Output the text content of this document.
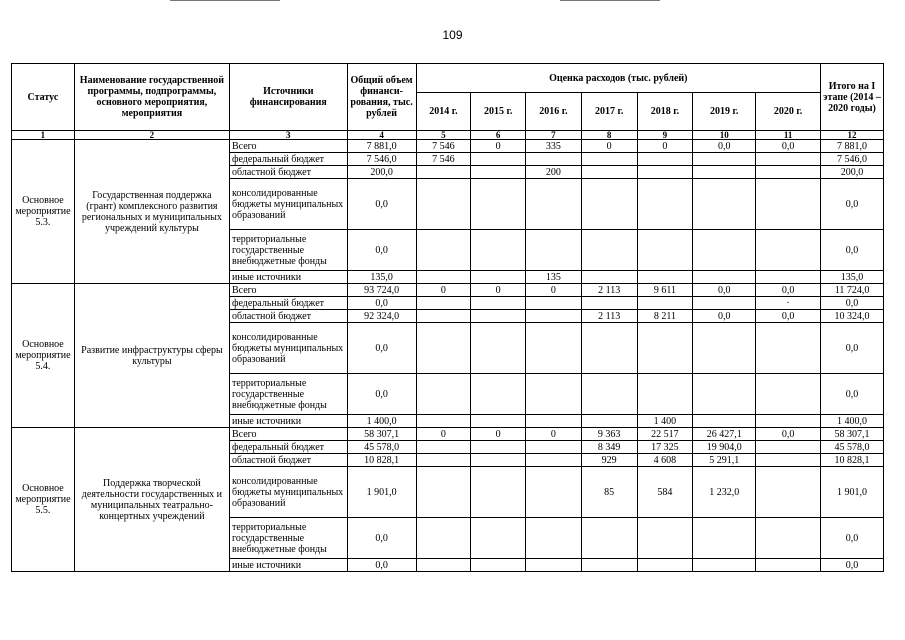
109
Статус	Наименование государственной программы, подпрограммы, основного мероприятия, мероприятия	Источники финансирования	Общий объем финанси-рования, тыс. рублей	Оценка расходов (тыс. рублей)							Итого на I этапе (2014 – 2020 годы)
				2014 г.	2015 г.	2016 г.	2017 г.	2018 г.	2019 г.	2020 г.	
1	2	3	4	5	6	7	8	9	10	11	12
Основное мероприятие 5.3.	Государственная поддержка (грант) комплексного развития региональных и муниципальных учреждений культуры	Всего	7 881,0	7 546	0	335	0	0	0,0	0,0	7 881,0
		федеральный бюджет	7 546,0	7 546							7 546,0
		областной бюджет	200,0			200					200,0
		консолидированные бюджеты муниципальных образований	0,0								0,0
		территориальные государственные внебюджетные фонды	0,0								0,0
		иные источники	135,0			135					135,0
Основное мероприятие 5.4.	Развитие инфраструктуры сферы культуры	Всего	93 724,0	0	0	0	2 113	9 611	0,0	0,0	11 724,0
		федеральный бюджет	0,0							·	0,0
		областной бюджет	92 324,0				2 113	8 211	0,0	0,0	10 324,0
		консолидированные бюджеты муниципальных образований	0,0								0,0
		территориальные государственные внебюджетные фонды	0,0								0,0
		иные источники	1 400,0					1 400			1 400,0
Основное мероприятие 5.5.	Поддержка творческой деятельности государственных и муниципальных театрально-концертных учреждений	Всего	58 307,1	0	0	0	9 363	22 517	26 427,1	0,0	58 307,1
		федеральный бюджет	45 578,0				8 349	17 325	19 904,0		45 578,0
		областной бюджет	10 828,1				929	4 608	5 291,1		10 828,1
		консолидированные бюджеты муниципальных образований	1 901,0				85	584	1 232,0		1 901,0
		территориальные государственные внебюджетные фонды	0,0								0,0
		иные источники	0,0								0,0
